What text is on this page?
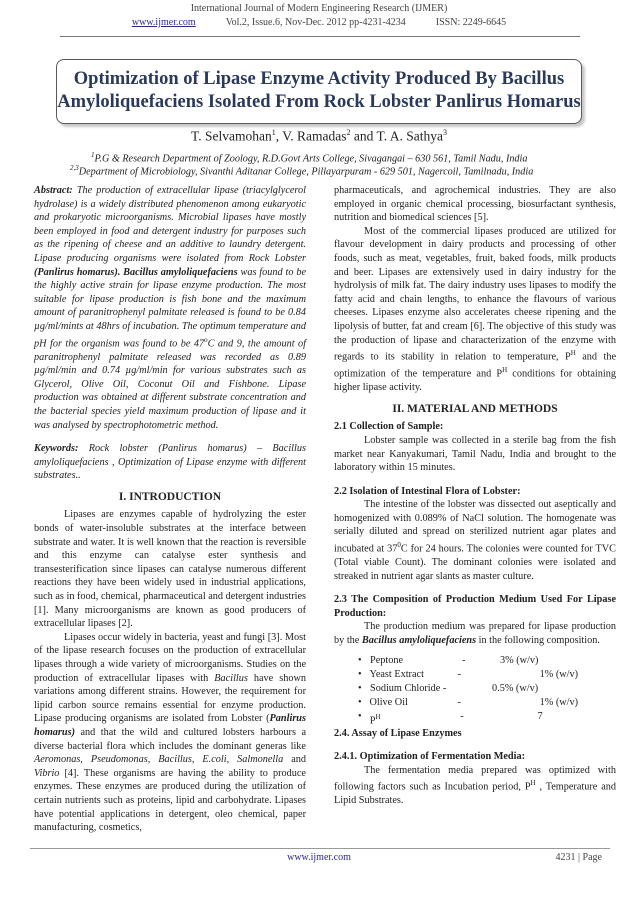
International Journal of Modern Engineering Research (IJMER)
www.ijmer.com	Vol.2, Issue.6, Nov-Dec. 2012 pp-4231-4234	ISSN: 2249-6645
Optimization of Lipase Enzyme Activity Produced By Bacillus
Amyloliquefaciens Isolated From Rock Lobster Panlirus Homarus
T. Selvamohan$^1$, V. Ramadas$^2$ and T. A. Sathya$^3$
$^1$P.G & Research Department of Zoology, R.D.Govt Arts College, Sivagangai – 630 561, Tamil Nadu, India
$^{2,3}$Department of Microbiology, Sivanthi Aditanar College, Pillayarpuram - 629 501, Nagercoil, Tamilnadu, India

Abstract: The production of extracellular lipase (triacylglycerol hydrolase) is a widely distributed phenomenon among eukaryotic and prokaryotic microorganisms. Microbial lipases have mostly been employed in food and detergent industry for purposes such as the ripening of cheese and an additive to laundry detergent. Lipase producing organisms were isolated from Rock Lobster (Panlirus homarus). Bacillus amyloliquefaciens was found to be the highly active strain for lipase enzyme production. The most suitable for lipase production is fish bone and the maximum amount of paranitrophenyl palmitate released is found to be 0.84 µg/ml/mints at 48hrs of incubation. The optimum temperature and pH for the organism was found to be 47$^o$C and 9, the amount of paranitrophenyl palmitate released was recorded as 0.89 µg/ml/min and 0.74 µg/ml/min for various substrates such as Glycerol, Olive Oil, Coconut Oil and Fishbone. Lipase production was obtained at different substrate concentration and the bacterial species yield maximum production of lipase and it was analysed by spectrophotometric method.

Keywords: Rock lobster (Panlirus homarus) – Bacillus amyloliquefaciens , Optimization of Lipase enzyme with different substrates..

I. INTRODUCTION

Lipases are enzymes capable of hydrolyzing the ester bonds of water-insoluble substrates at the interface between substrate and water. It is well known that the reaction is reversible and this enzyme can catalyse ester synthesis and transesterification since lipases can catalyse numerous different reactions they have been widely used in industrial applications, such as in food, chemical, pharmaceutical and detergent industries [1]. Many microorganisms are known as good producers of extracellular lipases [2].

Lipases occur widely in bacteria, yeast and fungi [3]. Most of the lipase research focuses on the production of extracellular lipases through a wide variety of microorganisms. Studies on the production of extracellular lipases with Bacillus have shown variations among different strains. However, the requirement for lipid carbon source remains essential for enzyme production. Lipase producing organisms are isolated from Lobster (Panlirus homarus) and that the wild and cultured lobsters harbours a diverse bacterial flora which includes the dominant generas like Aeromonas, Pseudomonas, Bacillus, E.coli, Salmonella and Vibrio [4]. These organisms are having the ability to produce enzymes. These enzymes are produced during the utilization of certain nutrients such as proteins, lipid and carbohydrate. Lipases have potential applications in detergent, oleo chemical, paper manufacturing, cosmetics,

pharmaceuticals, and agrochemical industries. They are also employed in organic chemical processing, biosurfactant synthesis, nutrition and biomedical sciences [5].

Most of the commercial lipases produced are utilized for flavour development in dairy products and processing of other foods, such as meat, vegetables, fruit, baked foods, milk products and beer. Lipases are extensively used in dairy industry for the hydrolysis of milk fat. The dairy industry uses lipases to modify the fatty acid and chain lengths, to enhance the flavours of various cheeses. Lipases enzyme also accelerates cheese ripening and the lipolysis of butter, fat and cream [6]. The objective of this study was the production of lipase and characterization of the enzyme with regards to its stability in relation to temperature, $P^H$ and the optimization of the temperature and $P^H$ conditions for obtaining higher lipase activity.

II. MATERIAL AND METHODS

2.1 Collection of Sample:

Lobster sample was collected in a sterile bag from the fish market near Kanyakumari, Tamil Nadu, India and brought to the laboratory within 15 minutes.

2.2 Isolation of Intestinal Flora of Lobster:

The intestine of the lobster was dissected out aseptically and homogenized with 0.089% of NaCl solution. The homogenate was serially diluted and spread on sterilized nutrient agar plates and incubated at $37^0C$ for 24 hours. The colonies were counted for TVC (Total viable Count). The dominant colonies were isolated and streaked in nutrient agar slants as master culture.

2.3 The Composition of Production Medium Used For Lipase Production:

The production medium was prepared for lipase production by the Bacillus amyloliquefaciens in the following composition.

• Peptone	-	3% (w/v)
• Yeast Extract	-	1% (w/v)
• Sodium Chloride -	0.5% (w/v)
• Olive Oil	-	1% (w/v)
• $P^H$	-	7

2.4. Assay of Lipase Enzymes

2.4.1. Optimization of Fermentation Media:

The fermentation media prepared was optimized with following factors such as Incubation period, $P^H$ , Temperature and Lipid Substrates.

www.ijmer.com	4231 | Page
